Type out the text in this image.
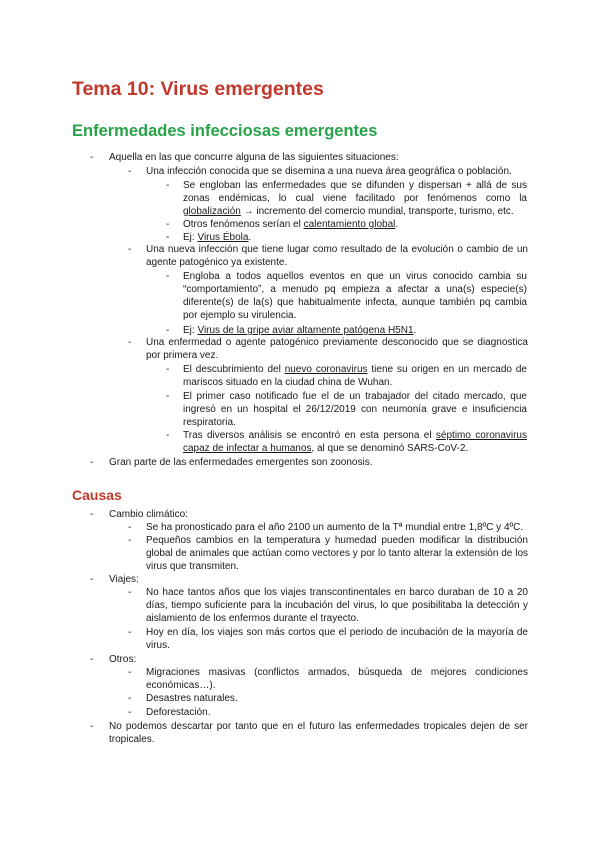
Tema 10: Virus emergentes
Enfermedades infecciosas emergentes
- Aquella en las que concurre alguna de las siguientes situaciones:
- Una infección conocida que se disemina a una nueva área geográfica o población.
- Se engloban las enfermedades que se difunden y dispersan + allá de sus zonas endémicas, lo cual viene facilitado por fenómenos como la globalización → incremento del comercio mundial, transporte, turismo, etc.
- Otros fenómenos serían el calentamiento global.
- Ej: Virus Ébola.
- Una nueva infección que tiene lugar como resultado de la evolución o cambio de un agente patogénico ya existente.
- Engloba a todos aquellos eventos en que un virus conocido cambia su “comportamiento”, a menudo pq empieza a afectar a una(s) especie(s) diferente(s) de la(s) que habitualmente infecta, aunque también pq cambia por ejemplo su virulencia.
- Ej: Virus de la gripe aviar altamente patógena H5N1.
- Una enfermedad o agente patogénico previamente desconocido que se diagnostica por primera vez.
- El descubrimiento del nuevo coronavirus tiene su origen en un mercado de mariscos situado en la ciudad china de Wuhan.
- El primer caso notificado fue el de un trabajador del citado mercado, que ingresó en un hospital el 26/12/2019 con neumonía grave e insuficiencia respiratoria.
- Tras diversos análisis se encontró en esta persona el séptimo coronavirus capaz de infectar a humanos, al que se denominó SARS-CoV-2.
- Gran parte de las enfermedades emergentes son zoonosis.
Causas
- Cambio climático:
- Se ha pronosticado para el año 2100 un aumento de la Tª mundial entre 1,8ºC y 4ºC.
- Pequeños cambios en la temperatura y humedad pueden modificar la distribución global de animales que actúan como vectores y por lo tanto alterar la extensión de los virus que transmiten.
- Viajes:
- No hace tantos años que los viajes transcontinentales en barco duraban de 10 a 20 días, tiempo suficiente para la incubación del virus, lo que posibilitaba la detección y aislamiento de los enfermos durante el trayecto.
- Hoy en día, los viajes son más cortos que el periodo de incubación de la mayoría de virus.
- Otros:
- Migraciones masivas (conflictos armados, búsqueda de mejores condiciones económicas…).
- Desastres naturales.
- Deforestación.
- No podemos descartar por tanto que en el futuro las enfermedades tropicales dejen de ser tropicales.
